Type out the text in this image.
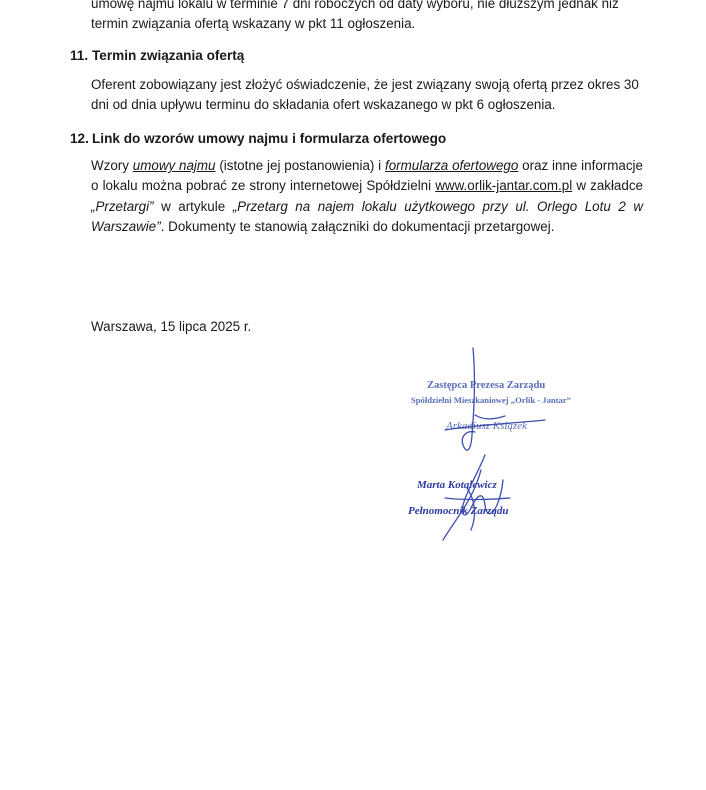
umowę najmu lokalu w terminie 7 dni roboczych od daty wyboru, nie dłuższym jednak niż
termin związania ofertą wskazany w pkt 11 ogłoszenia.
11. Termin związania ofertą
Oferent zobowiązany jest złożyć oświadczenie, że jest związany swoją ofertą przez okres 30
dni od dnia upływu terminu do składania ofert wskazanego w pkt 6 ogłoszenia.
12. Link do wzorów umowy najmu i formularza ofertowego
Wzory umowy najmu (istotne jej postanowienia) i formularza ofertowego oraz inne informacje o lokalu można pobrać ze strony internetowej Spółdzielni www.orlik-jantar.com.pl w zakładce „Przetargi” w artykule „Przetarg na najem lokalu użytkowego przy ul. Orlego Lotu 2 w Warszawie”. Dokumenty te stanowią załączniki do dokumentacji przetargowej.
Warszawa, 15 lipca 2025 r.
Zastępca Prezesa Zarządu
Spółdzielni Mieszkaniowej „Orlik - Jantar”
Arkadiusz Książek
Marta Kotalewicz
Pełnomocnik Zarządu
